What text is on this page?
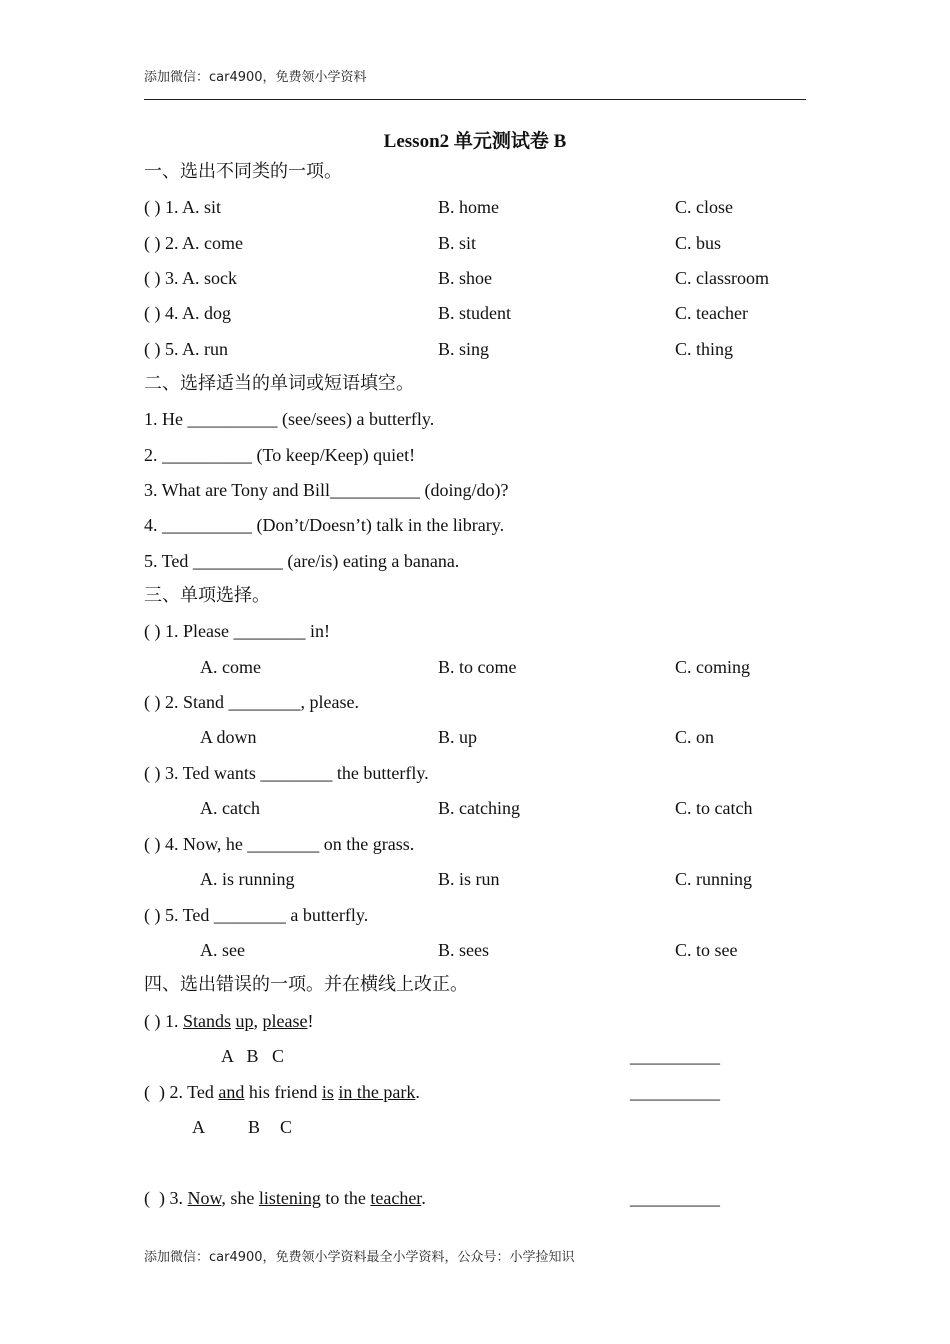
添加微信：car4900，免费领小学资料
Lesson2 单元测试卷 B
一、选出不同类的一项。
( ) 1. A. sit	B. home	C. close
( ) 2. A. come	B. sit	C. bus
( ) 3. A. sock	B. shoe	C. classroom
( ) 4. A. dog	B. student	C. teacher
( ) 5. A. run	B. sing	C. thing
二、选择适当的单词或短语填空。
1. He __________ (see/sees) a butterfly.
2. __________ (To keep/Keep) quiet!
3. What are Tony and Bill__________ (doing/do)?
4. __________ (Don’t/Doesn’t) talk in the library.
5. Ted __________ (are/is) eating a banana.
三、单项选择。
( ) 1. Please ________ in!
A. come	B. to come	C. coming
( ) 2. Stand ________, please.
A down	B. up	C. on
( ) 3. Ted wants ________ the butterfly.
A. catch	B. catching	C. to catch
( ) 4. Now, he ________ on the grass.
A. is running	B. is run	C. running
( ) 5. Ted ________ a butterfly.
A. see	B. sees	C. to see
四、选出错误的一项。并在横线上改正。
( ) 1. Stands up, please!
A   B   C	__________
(  ) 2. Ted and his friend is in the park.	__________
A B C
(  ) 3. Now, she listening to the teacher.	__________
添加微信：car4900，免费领小学资料最全小学资料，公众号：小学捡知识
